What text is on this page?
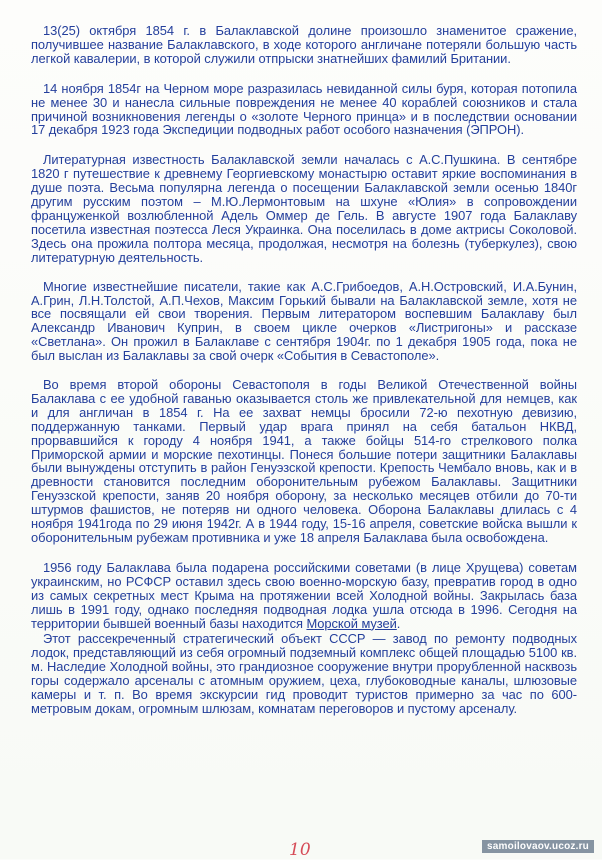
13(25) октября 1854 г. в Балаклавской долине произошло знаменитое сражение, получившее название Балаклавского, в ходе которого англичане потеряли большую часть легкой кавалерии, в которой служили отпрыски знатнейших фамилий Британии.

14 ноября 1854г на Черном море разразилась невиданной силы буря, которая потопила не менее 30 и нанесла сильные повреждения не менее 40 кораблей союзников и стала причиной возникновения легенды о «золоте Черного принца» и в последствии основании 17 декабря 1923 года Экспедиции подводных работ особого назначения (ЭПРОН).

Литературная известность Балаклавской земли началась с А.С.Пушкина. В сентябре 1820 г путешествие к древнему Георгиевскому монастырю оставит яркие воспоминания в душе поэта. Весьма популярна легенда о посещении Балаклавской земли осенью 1840г другим русским поэтом – М.Ю.Лермонтовым на шхуне «Юлия» в сопровождении француженкой возлюбленной Адель Оммер де Гель. В августе 1907 года Балаклаву посетила известная поэтесса Леся Украинка. Она поселилась в доме актрисы Соколовой. Здесь она прожила полтора месяца, продолжая, несмотря на болезнь (туберкулез), свою литературную деятельность.

Многие известнейшие писатели, такие как А.С.Грибоедов, А.Н.Островский, И.А.Бунин, А.Грин, Л.Н.Толстой, А.П.Чехов, Максим Горький бывали на Балаклавской земле, хотя не все посвящали ей свои творения. Первым литератором воспевшим Балаклаву был Александр Иванович Куприн, в своем цикле очерков «Листригоны» и рассказе «Светлана». Он прожил в Балаклаве с сентября 1904г. по 1 декабря 1905 года, пока не был выслан из Балаклавы за свой очерк «События в Севастополе».

Во время второй обороны Севастополя в годы Великой Отечественной войны Балаклава с ее удобной гаванью оказывается столь же привлекательной для немцев, как и для англичан в 1854 г. На ее захват немцы бросили 72-ю пехотную девизию, поддержанную танками. Первый удар врага принял на себя батальон НКВД, прорвавшийся к городу 4 ноября 1941, а также бойцы 514-го стрелкового полка Приморской армии и морские пехотинцы. Понеся большие потери защитники Балаклавы были вынуждены отступить в район Генуэзской крепости. Крепость Чембало вновь, как и в древности становится последним оборонительным рубежом Балаклавы. Защитники Генуэзской крепости, заняв 20 ноября оборону, за несколько месяцев отбили до 70-ти штурмов фашистов, не потеряв ни одного человека. Оборона Балаклавы длилась с 4 ноября 1941года по 29 июня 1942г. А в 1944 году, 15-16 апреля, советские войска вышли к оборонительным рубежам противника и уже 18 апреля Балаклава была освобождена.

1956 году Балаклава была подарена российскими советами (в лице Хрущева) советам украинским, но РСФСР оставил здесь свою военно-морскую базу, превратив город в одно из самых секретных мест Крыма на протяжении всей Холодной войны. Закрылась база лишь в 1991 году, однако последняя подводная лодка ушла отсюда в 1996. Сегодня на территории бывшей военный базы находится Морской музей.

Этот рассекреченный стратегический объект СССР — завод по ремонту подводных лодок, представляющий из себя огромный подземный комплекс общей площадью 5100 кв. м. Наследие Холодной войны, это грандиозное сооружение внутри прорубленной насквозь горы содержало арсеналы с атомным оружием, цеха, глубоководные каналы, шлюзовые камеры и т. п. Во время экскурсии гид проводит туристов примерно за час по 600-метровым докам, огромным шлюзам, комнатам переговоров и пустому арсеналу.

10	samoilovaov.ucoz.ru
